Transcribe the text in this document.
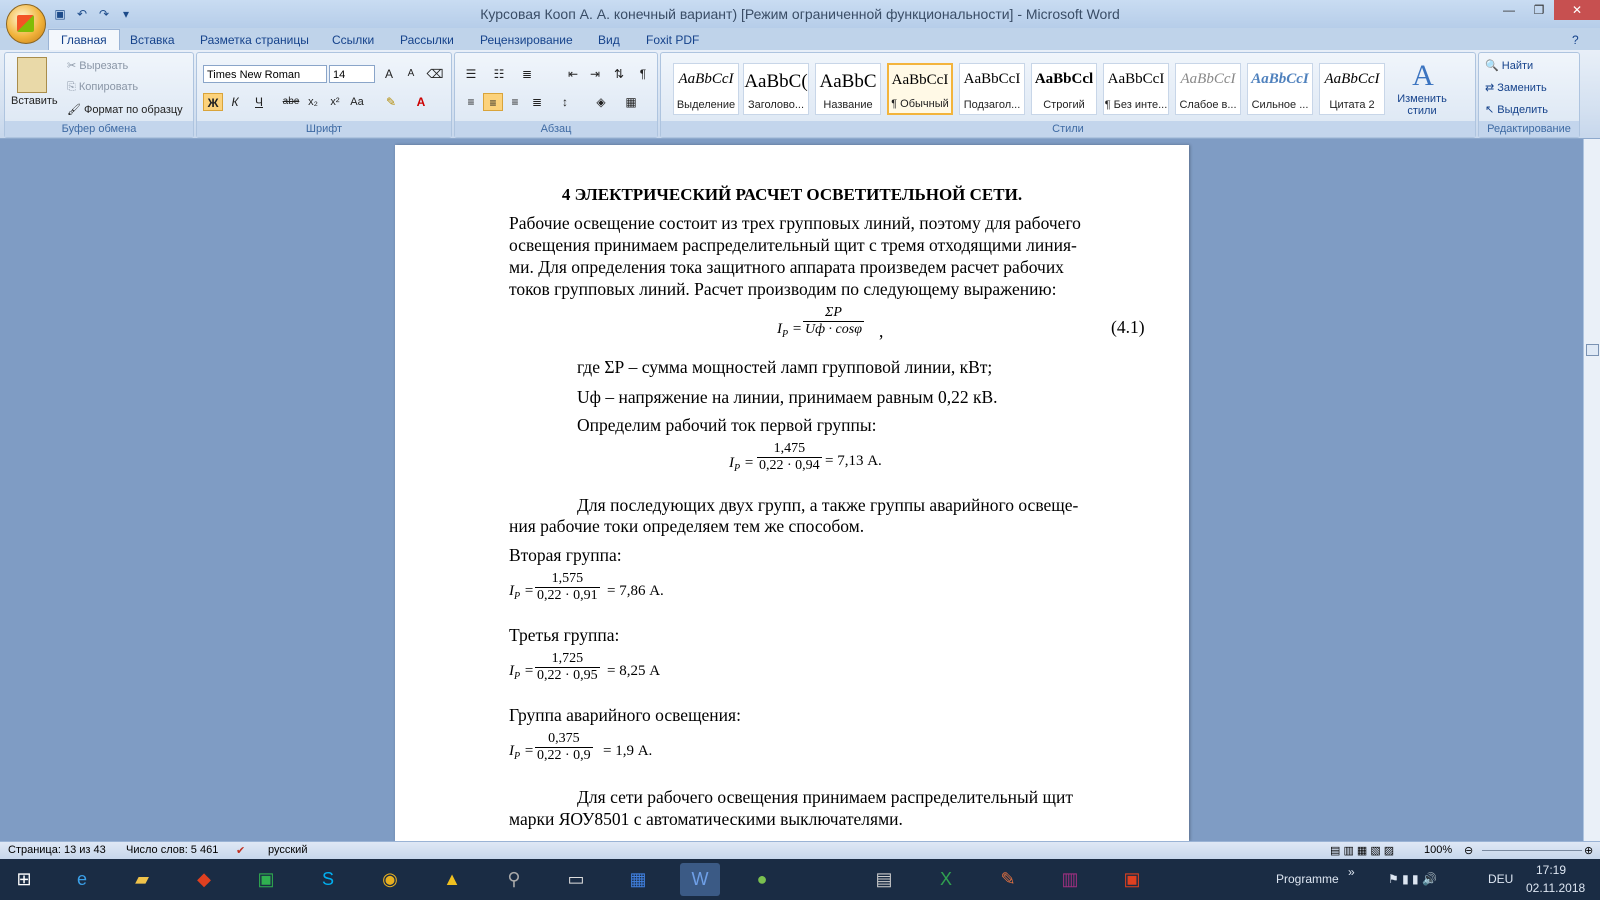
▣ ↶ ↷	▾	Курсовая Кооп А. А. конечный вариант) [Режим ограниченной функциональности] - Microsoft Word	—	❐	✕
Главная	Вставка Разметка страницы Ссылки Рассылки Рецензирование Вид Foxit PDF	?
Вставить
✂ Вырезать
⎘ Копировать
🖌 Формат по образцу
Буфер обмена
Times New Roman	14	A	A	⌫
Ж	К	Ч	abe x₂	x² Aa	✎	A
Шрифт
☰	☷	≣	⇤ ⇥	⇅	¶
≡	≡	≡	≣	↕	◈	▦
Абзац
AaBbCcI
Выделение
AaBbC(
Заголово...
AaBbC
Название
AaBbCcI
¶ Обычный
AaBbCcI
Подзагол...
AaBbCcl
Строгий
AaBbCcI
¶ Без инте...
AaBbCcI
Слабое в...
AaBbCcI
Сильное ...
AaBbCcI
Цитата 2
A
Изменить стили
Стили
🔍 Найти
⇄ Заменить
↖ Выделить
Редактирование

4 ЭЛЕКТРИЧЕСКИЙ РАСЧЕТ ОСВЕТИТЕЛЬНОЙ СЕТИ.

Рабочие освещение состоит из трех групповых линий, поэтому для рабочего

освещения принимаем распределительный щит с тремя отходящими линия-

ми. Для определения тока защитного аппарата произведем расчет рабочих

токов групповых линий. Расчет производим по следующему выражению:

$I_P$ =

ΣP
Uф · cosφ ,	(4.1)

где ΣР – сумма мощностей ламп групповой линии, кВт;

Uф – напряжение на линии, принимаем равным 0,22 кВ.

Определим рабочий ток первой группы:

$I_P = \frac{1,475}{0,22 \cdot 0,94} = 7,13$ А.

Для последующих двух групп, а также группы аварийного освеще-

ния рабочие токи определяем тем же способом.

Вторая группа:

$I_P = \frac{1,575}{0,22 \cdot 0,91} = 7,86$ А.

Третья группа:

$I_P = \frac{1,725}{0,22 \cdot 0,95} = 8,25$ А

Группа аварийного освещения:

$I_P = \frac{0,375}{0,22 \cdot 0,9} = 1,9$ А.

Для сети рабочего освещения принимаем распределительный щит

марки ЯОУ8501 с автоматическими выключателями.

Страница: 13 из 43 Число слов: 5 461 ✔ русский	▤ ▥ ▦ ▧ ▨	100% ⊖	⊕
⊞	e	▰	◆	▣	S	◉	▲	⚲	▭	▦	W	●	▤	X	✎	▥	▣	Programme »	⚑ ▮ ▮ 🔊	DEU
17:19
02.11.2018
